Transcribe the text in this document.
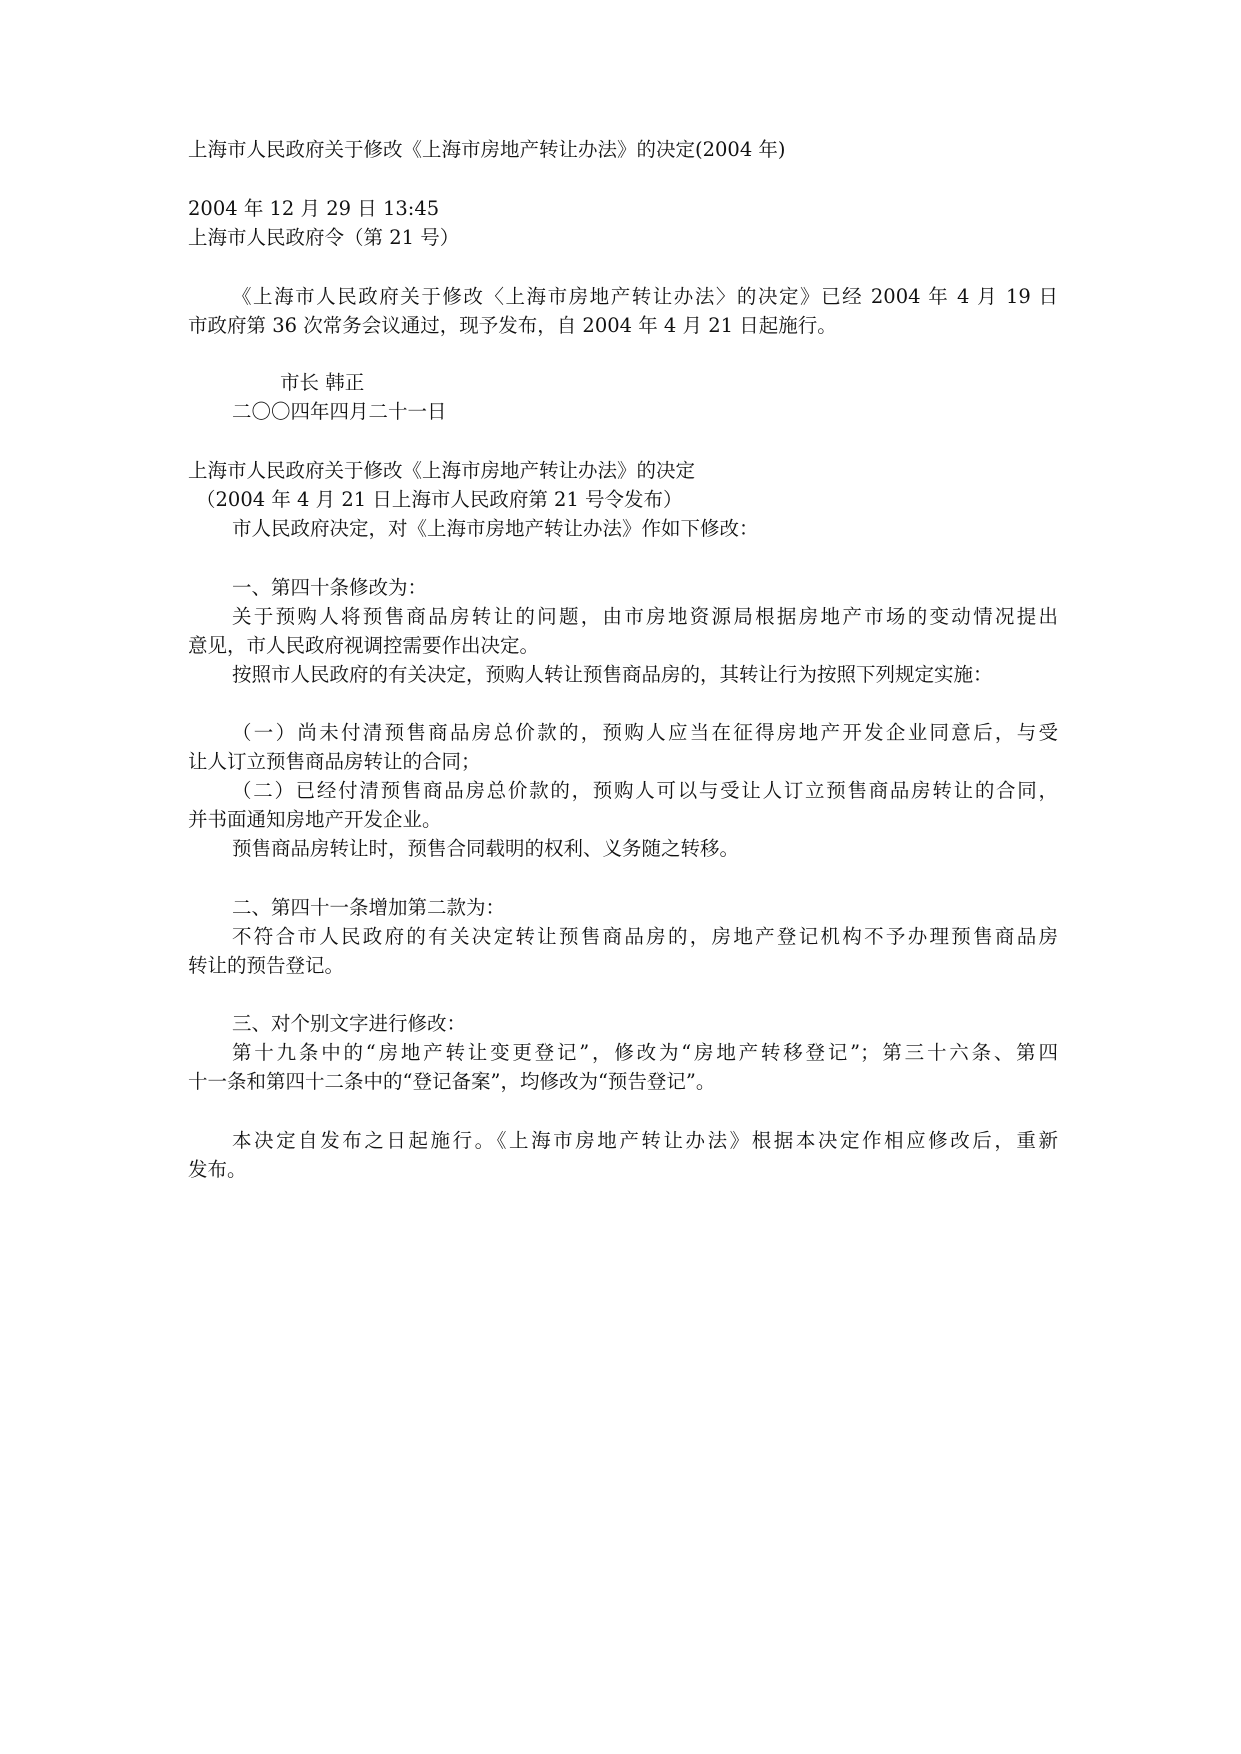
上海市人民政府关于修改《上海市房地产转让办法》的决定(2004 年)
2004 年 12 月 29 日 13:45
上海市人民政府令（第 21 号）
《上海市人民政府关于修改〈上海市房地产转让办法〉的决定》已经 2004 年 4 月 19 日
市政府第 36 次常务会议通过，现予发布，自 2004 年 4 月 21 日起施行。
市长 韩正
二〇〇四年四月二十一日
上海市人民政府关于修改《上海市房地产转让办法》的决定
（2004 年 4 月 21 日上海市人民政府第 21 号令发布）
市人民政府决定，对《上海市房地产转让办法》作如下修改：
一、第四十条修改为：
关于预购人将预售商品房转让的问题，由市房地资源局根据房地产市场的变动情况提出
意见，市人民政府视调控需要作出决定。
按照市人民政府的有关决定，预购人转让预售商品房的，其转让行为按照下列规定实施：
（一）尚未付清预售商品房总价款的，预购人应当在征得房地产开发企业同意后，与受
让人订立预售商品房转让的合同；
（二）已经付清预售商品房总价款的，预购人可以与受让人订立预售商品房转让的合同，
并书面通知房地产开发企业。
预售商品房转让时，预售合同载明的权利、义务随之转移。
二、第四十一条增加第二款为：
不符合市人民政府的有关决定转让预售商品房的，房地产登记机构不予办理预售商品房
转让的预告登记。
三、对个别文字进行修改：
第十九条中的“房地产转让变更登记”，修改为“房地产转移登记”；第三十六条、第四
十一条和第四十二条中的“登记备案”，均修改为“预告登记”。
本决定自发布之日起施行。《上海市房地产转让办法》根据本决定作相应修改后，重新
发布。
